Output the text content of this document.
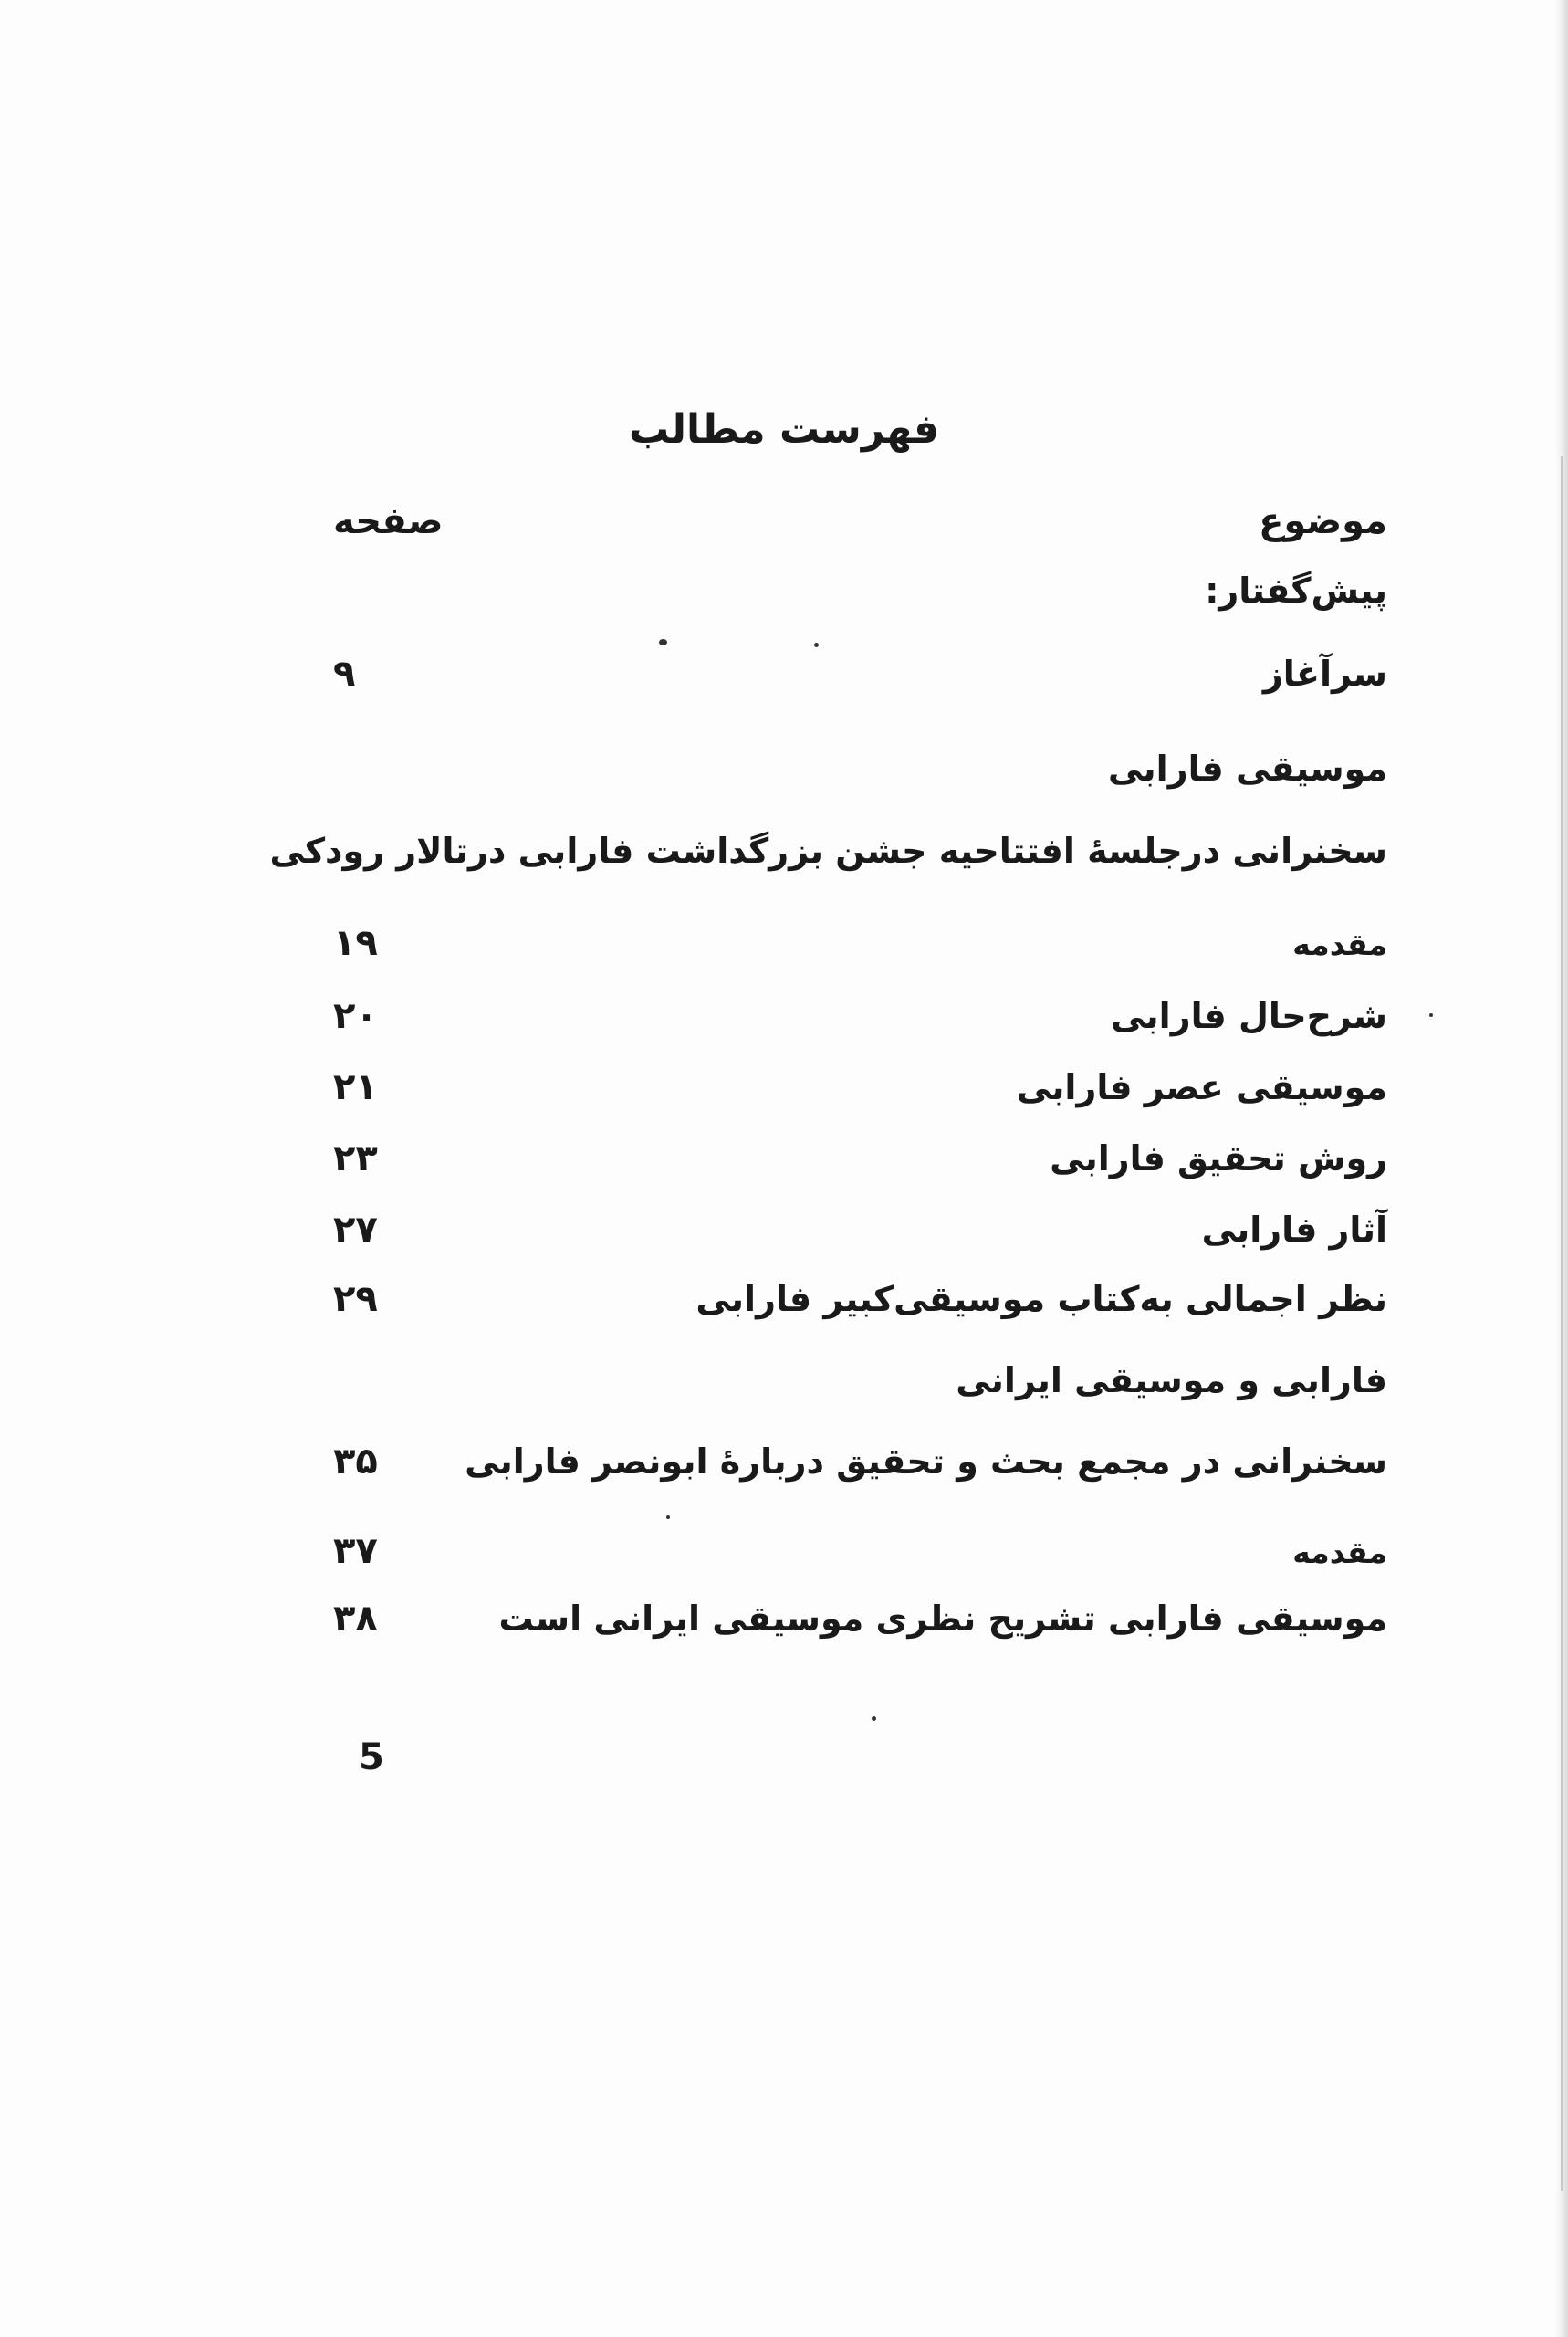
فهرست مطالب
موضوع
صفحه
پیش‌گفتار:
سرآغاز
۹
موسیقی فارابی
سخنرانی درجلسهٔ افتتاحیه جشن بزرگداشت فارابی درتالار رودکی
مقدمه
۱۹
شرح‌حال فارابی
۲۰
موسیقی عصر فارابی
۲۱
روش تحقیق فارابی
۲۳
آثار فارابی
۲۷
نظر اجمالی به‌کتاب موسیقی‌کبیر فارابی
۲۹
فارابی و موسیقی ایرانی
سخنرانی در مجمع بحث و تحقیق دربارهٔ ابونصر فارابی
۳۵
مقدمه
۳۷
موسیقی فارابی تشریح نظری موسیقی ایرانی است
۳۸
5
